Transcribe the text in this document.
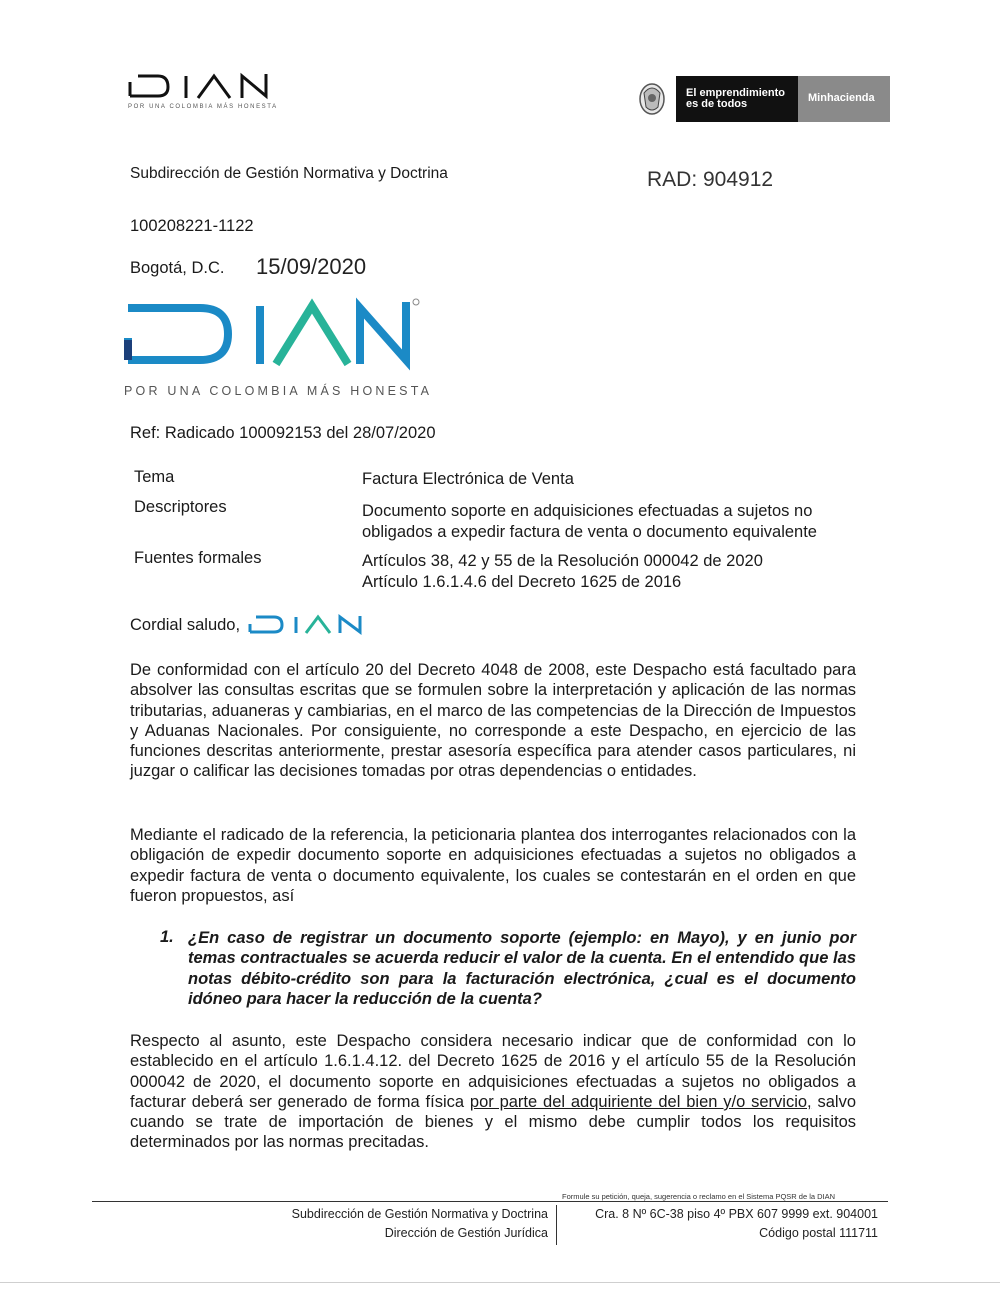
POR UNA COLOMBIA MÁS HONESTA
El emprendimiento
es de todos	Minhacienda
Subdirección de Gestión Normativa y Doctrina	RAD: 904912
100208221-1122
Bogotá, D.C. 15/09/2020
POR UNA COLOMBIA MÁS HONESTA
Ref: Radicado 100092153 del 28/07/2020
Tema	Factura Electrónica de Venta
Descriptores	Documento soporte en adquisiciones efectuadas a sujetos no
obligados a expedir factura de venta o documento equivalente
Fuentes formales	Artículos 38, 42 y 55 de la Resolución 000042 de 2020
Artículo 1.6.1.4.6 del Decreto 1625 de 2016
Cordial saludo,
De conformidad con el artículo 20 del Decreto 4048 de 2008, este Despacho está facultado para absolver las consultas escritas que se formulen sobre la interpretación y aplicación de las normas tributarias, aduaneras y cambiarias, en el marco de las competencias de la Dirección de Impuestos y Aduanas Nacionales. Por consiguiente, no corresponde a este Despacho, en ejercicio de las funciones descritas anteriormente, prestar asesoría específica para atender casos particulares, ni juzgar o calificar las decisiones tomadas por otras dependencias o entidades.
Mediante el radicado de la referencia, la peticionaria plantea dos interrogantes relacionados con la obligación de expedir documento soporte en adquisiciones efectuadas a sujetos no obligados a expedir factura de venta o documento equivalente, los cuales se contestarán en el orden en que fueron propuestos, así
1. ¿En caso de registrar un documento soporte (ejemplo: en Mayo), y en junio por temas contractuales se acuerda reducir el valor de la cuenta. En el entendido que las notas débito-crédito son para la facturación electrónica, ¿cual es el documento idóneo para hacer la reducción de la cuenta?
Respecto al asunto, este Despacho considera necesario indicar que de conformidad con lo establecido en el artículo 1.6.1.4.12. del Decreto 1625 de 2016 y el artículo 55 de la Resolución 000042 de 2020, el documento soporte en adquisiciones efectuadas a sujetos no obligados a facturar deberá ser generado de forma física por parte del adquiriente del bien y/o servicio, salvo cuando se trate de importación de bienes y el mismo debe cumplir todos los requisitos determinados por las normas precitadas.
Formule su petición, queja, sugerencia o reclamo en el Sistema PQSR de la DIAN
Subdirección de Gestión Normativa y Doctrina
Dirección de Gestión Jurídica
Cra. 8 Nº 6C-38 piso 4º PBX 607 9999 ext. 904001
Código postal 111711
